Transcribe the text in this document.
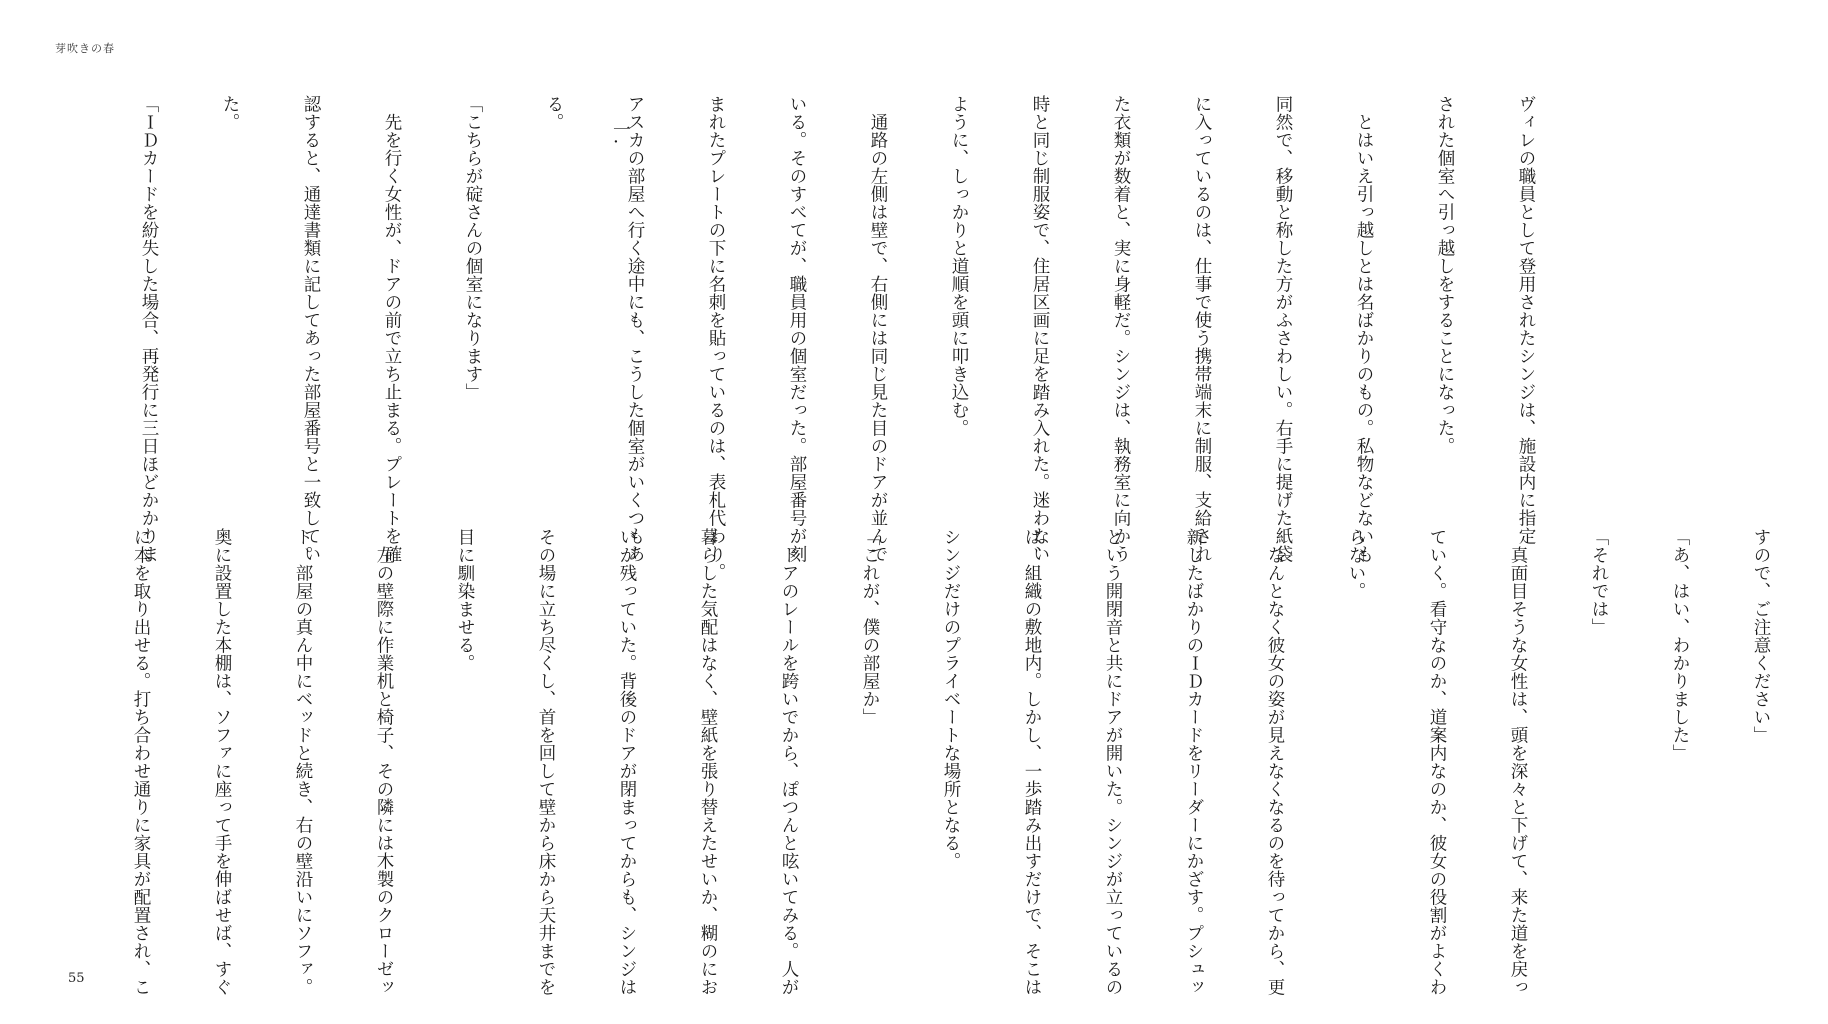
芽吹きの春

一.

	ヴィレの職員として登用されたシンジは、施設内に指定

された個室へ引っ越しをすることになった。

　とはいえ引っ越しとは名ばかりのもの。私物などないも

同然で、移動と称した方がふさわしい。右手に提げた紙袋

に入っているのは、仕事で使う携帯端末に制服、支給され

た衣類が数着と、実に身軽だ。シンジは、執務室に向かう

時と同じ制服姿で、住居区画に足を踏み入れた。迷わない

ように、しっかりと道順を頭に叩き込む。

　通路の左側は壁で、右側には同じ見た目のドアが並んで

いる。そのすべてが、職員用の個室だった。部屋番号が刻

まれたプレートの下に名刺を貼っているのは、表札代わり。

アスカの部屋へ行く途中にも、こうした個室がいくつもあ

る。

「こちらが碇さんの個室になります」

　先を行く女性が、ドアの前で立ち止まる。プレートを確

認すると、通達書類に記してあった部屋番号と一致してい

た。

「ＩＤカードを紛失した場合、再発行に三日ほどかかりま

すので、ご注意ください」

「あ、はい、わかりました」

「それでは」

　真面目そうな女性は、頭を深々と下げて、来た道を戻っ

ていく。看守なのか、道案内なのか、彼女の役割がよくわ

らない。

　なんとなく彼女の姿が見えなくなるのを待ってから、更

新したばかりのＩＤカードをリーダーにかざす。プシュッ

という開閉音と共にドアが開いた。シンジが立っているの

は、組織の敷地内。しかし、一歩踏み出すだけで、そこは

シンジだけのプライベートな場所となる。

「これが、僕の部屋か」

　ドアのレールを跨いでから、ぽつんと呟いてみる。人が

暮らした気配はなく、壁紙を張り替えたせいか、糊のにお

いが残っていた。背後のドアが閉まってからも、シンジは

その場に立ち尽くし、首を回して壁から床から天井までを

目に馴染ませる。

　左の壁際に作業机と椅子、その隣には木製のクローゼッ

ト。部屋の真ん中にベッドと続き、右の壁沿いにソファ。

奥に設置した本棚は、ソファに座って手を伸ばせば、すぐ

に本を取り出せる。打ち合わせ通りに家具が配置され、こ

55
